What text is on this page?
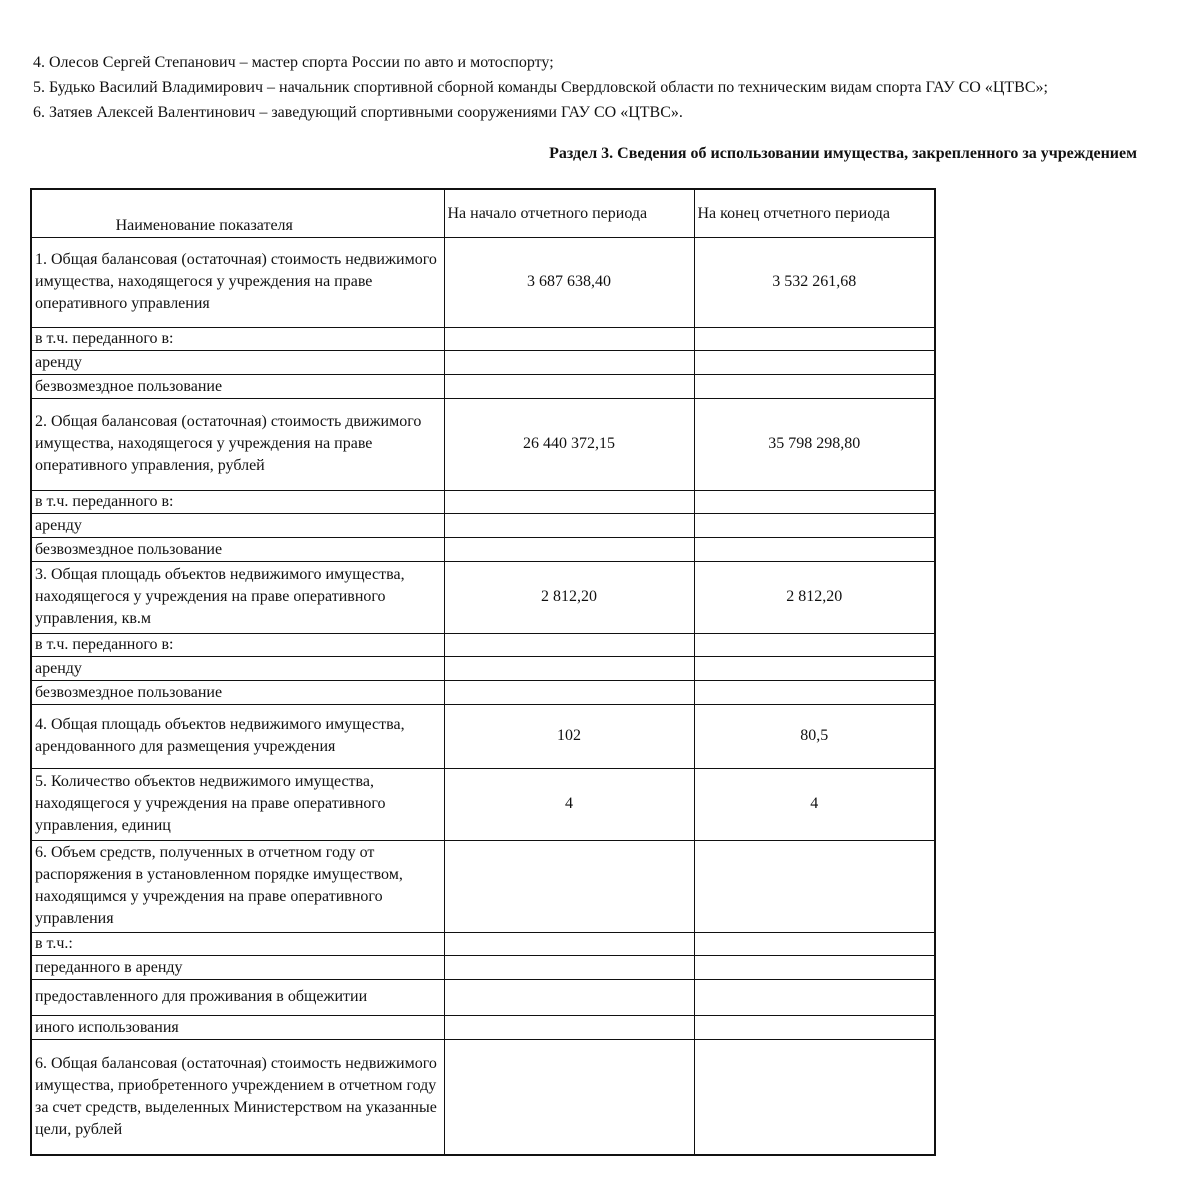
4. Олесов Сергей Степанович – мастер спорта России по авто и мотоспорту;
5. Будько Василий Владимирович – начальник спортивной сборной команды Свердловской области по техническим видам спорта ГАУ СО «ЦТВС»;
6. Затяев Алексей Валентинович – заведующий спортивными сооружениями ГАУ СО «ЦТВС».
Раздел 3. Сведения об использовании имущества, закрепленного за учреждением
Наименование показателя	На начало отчетного периода	На конец отчетного периода
1. Общая балансовая (остаточная) стоимость недвижимого имущества, находящегося у учреждения на праве оперативного управления	3 687 638,40	3 532 261,68
в т.ч. переданного в:		
аренду		
безвозмездное пользование		
2. Общая балансовая (остаточная) стоимость движимого имущества, находящегося у учреждения на праве оперативного управления, рублей	26 440 372,15	35 798 298,80
в т.ч. переданного в:		
аренду		
безвозмездное пользование		
3. Общая площадь объектов недвижимого имущества, находящегося у учреждения на праве оперативного управления, кв.м	2 812,20	2 812,20
в т.ч. переданного в:		
аренду		
безвозмездное пользование		
4. Общая площадь объектов недвижимого имущества, арендованного для размещения учреждения	102	80,5
5. Количество объектов недвижимого имущества, находящегося у учреждения на праве оперативного управления, единиц	4	4
6. Объем средств, полученных в отчетном году от распоряжения в установленном порядке имуществом, находящимся у учреждения на праве оперативного управления		
в т.ч.:		
переданного в аренду		
предоставленного для проживания в общежитии		
иного использования		
6. Общая балансовая (остаточная) стоимость недвижимого имущества, приобретенного учреждением в отчетном году за счет средств, выделенных Министерством на указанные цели, рублей		
